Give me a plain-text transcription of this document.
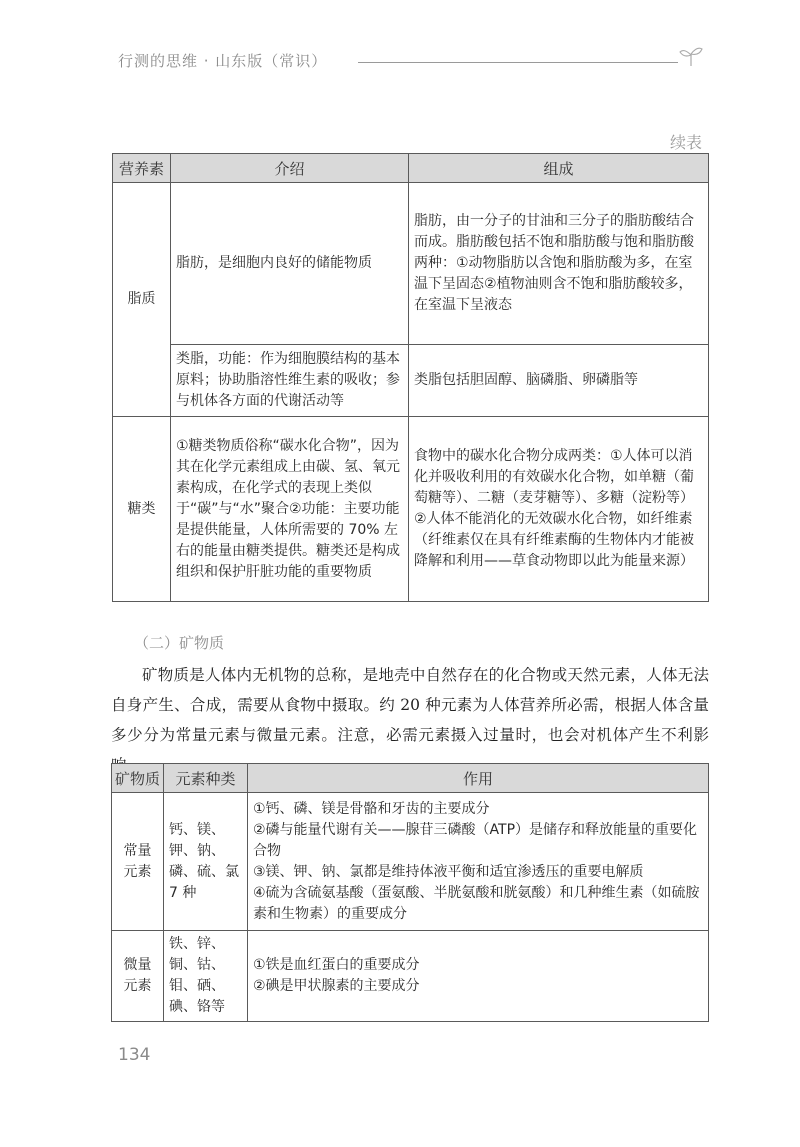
行测的思维 · 山东版（常识）
续表
营养素	介绍	组成
脂质	脂肪，是细胞内良好的储能物质	脂肪，由一分子的甘油和三分子的脂肪酸结合而成。脂肪酸包括不饱和脂肪酸与饱和脂肪酸两种：①动物脂肪以含饱和脂肪酸为多，在室温下呈固态②植物油则含不饱和脂肪酸较多，在室温下呈液态
	类脂，功能：作为细胞膜结构的基本原料；协助脂溶性维生素的吸收；参与机体各方面的代谢活动等	类脂包括胆固醇、脑磷脂、卵磷脂等
糖类	①糖类物质俗称“碳水化合物”，因为其在化学元素组成上由碳、氢、氧元素构成，在化学式的表现上类似于“碳”与“水”聚合②功能：主要功能是提供能量，人体所需要的 70% 左右的能量由糖类提供。糖类还是构成组织和保护肝脏功能的重要物质	食物中的碳水化合物分成两类：①人体可以消化并吸收利用的有效碳水化合物，如单糖（葡萄糖等）、二糖（麦芽糖等）、多糖（淀粉等）②人体不能消化的无效碳水化合物，如纤维素（纤维素仅在具有纤维素酶的生物体内才能被降解和利用——草食动物即以此为能量来源）
（二）矿物质
矿物质是人体内无机物的总称，是地壳中自然存在的化合物或天然元素，人体无法自身产生、合成，需要从食物中摄取。约 20 种元素为人体营养所必需，根据人体含量多少分为常量元素与微量元素。注意，必需元素摄入过量时，也会对机体产生不利影
矿物质	元素种类	作用
常量元素	钙、镁、钾、钠、磷、硫、氯 7 种	①钙、磷、镁是骨骼和牙齿的主要成分
②磷与能量代谢有关——腺苷三磷酸（ATP）是储存和释放能量的重要化合物
③镁、钾、钠、氯都是维持体液平衡和适宜渗透压的重要电解质
④硫为含硫氨基酸（蛋氨酸、半胱氨酸和胱氨酸）和几种维生素（如硫胺素和生物素）的重要成分

微量元素	铁、锌、铜、钴、钼、硒、碘、铬等	①铁是血红蛋白的重要成分
②碘是甲状腺素的主要成分
134
